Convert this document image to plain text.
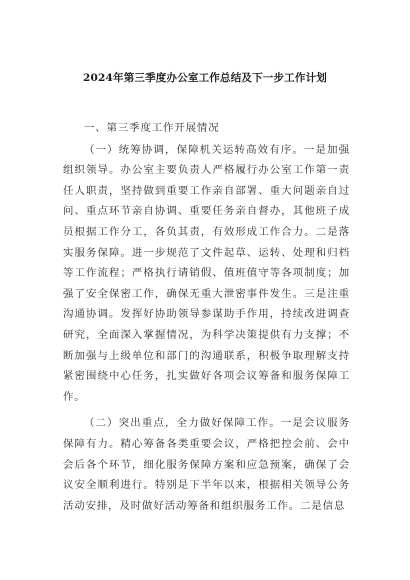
2024年第三季度办公室工作总结及下一步工作计划

一、第三季度工作开展情况

（一）统筹协调，保障机关运转高效有序。一是加强组织领导。办公室主要负责人严格履行办公室工作第一责任人职责，坚持做到重要工作亲自部署、重大问题亲自过问、重点环节亲自协调、重要任务亲自督办，其他班子成员根据工作分工，各负其责，有效形成工作合力。二是落实服务保障。进一步规范了文件起草、运转、处理和归档等工作流程；严格执行请销假、值班值守等各项制度；加强了安全保密工作，确保无重大泄密事件发生。三是注重沟通协调。发挥好协助领导参谋助手作用，持续改进调查研究，全面深入掌握情况，为科学决策提供有力支撑；不断加强与上级单位和部门的沟通联系，积极争取理解支持紧密围绕中心任务，扎实做好各项会议筹备和服务保障工作。

（二）突出重点，全力做好保障工作。一是会议服务保障有力。精心筹备各类重要会议，严格把控会前、会中会后各个环节，细化服务保障方案和应急预案，确保了会议安全顺利进行。特别是下半年以来，根据相关领导公务活动安排，及时做好活动筹备和组织服务工作。二是信息
